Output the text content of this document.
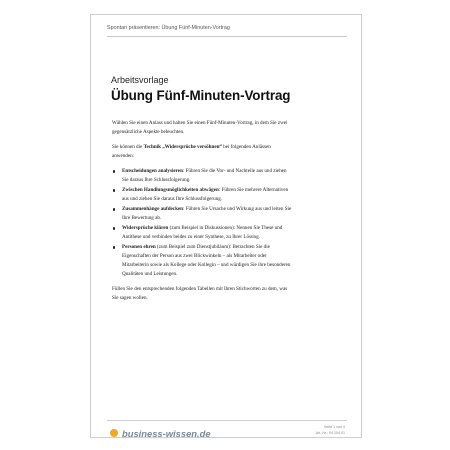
Spontan präsentieren: Übung Fünf-Minuten-Vortrag
Arbeitsvorlage
Übung Fünf-Minuten-Vortrag

Wählen Sie einen Anlass und halten Sie einen Fünf-Minuten-Vortrag, in dem Sie zwei gegensätzliche Aspekte beleuchten.

Sie können die Technik „Widersprüche versöhnen“ bei folgenden Anlässen anwenden:

Entscheidungen analysieren: Führen Sie die Vor- und Nachteile aus und ziehen Sie daraus Ihre Schlussfolgerung.
Zwischen Handlungsmöglichkeiten abwägen: Führen Sie mehrere Alternativen aus und ziehen Sie daraus Ihre Schlussfolgerung.
Zusammenhänge aufdecken: Führen Sie Ursache und Wirkung aus und leiten Sie Ihre Bewertung ab.
Widersprüche klären (zum Beispiel in Diskussionen): Nennen Sie These und Antithese und verbinden beides zu einer Synthese, zu Ihrer Lösung.
Personen ehren (zum Beispiel zum Dienstjubiläum): Betrachten Sie die Eigenschaften der Person aus zwei Blickwinkeln – als Mitarbeiter oder Mitarbeiterin sowie als Kollege oder Kollegin – und würdigen Sie ihre besonderen Qualitäten und Leistungen.

Füllen Sie den entsprechenden folgenden Tabellen mit Ihren Stichworten zu dem, was Sie sagen wollen.

business-wissen.de
Seite 1 von 4
Art.-Nr.: 04.104.01
